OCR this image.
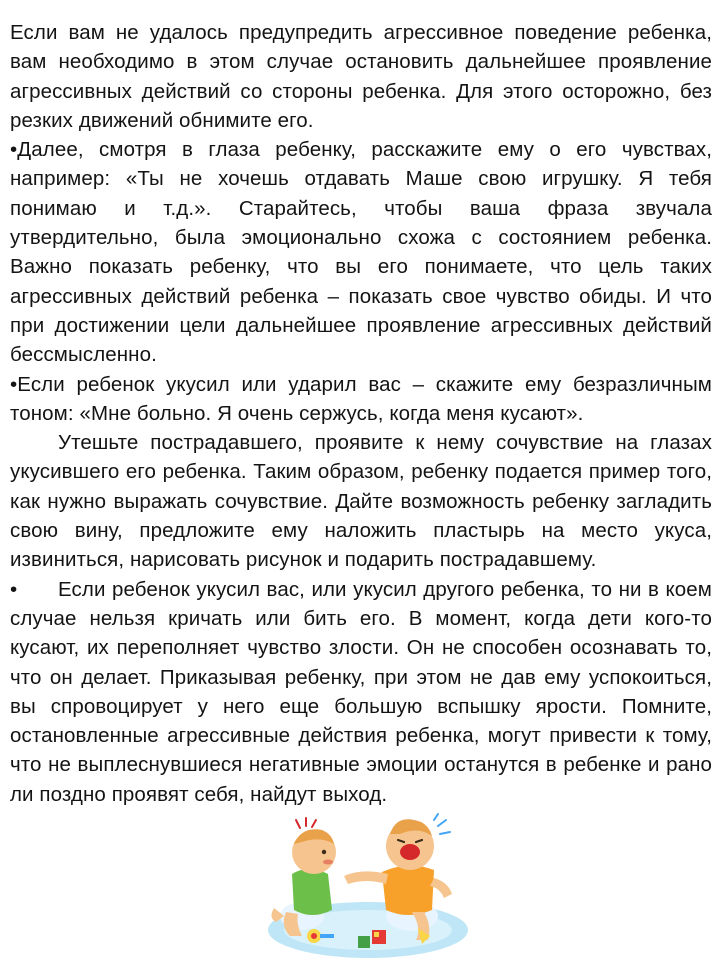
Если вам не удалось предупредить агрессивное поведение ребенка, вам необходимо в этом случае остановить дальнейшее проявление агрессивных действий со стороны ребенка. Для этого осторожно, без резких движений обнимите его.

•Далее, смотря в глаза ребенку, расскажите ему о его чувствах, например: «Ты не хочешь отдавать Маше свою игрушку. Я тебя понимаю и т.д.». Старайтесь, чтобы ваша фраза звучала утвердительно, была эмоционально схожа с состоянием ребенка. Важно показать ребенку, что вы его понимаете, что цель таких агрессивных действий ребенка – показать свое чувство обиды. И что при достижении цели дальнейшее проявление агрессивных действий бессмысленно.

•Если ребенок укусил или ударил вас – скажите ему безразличным тоном: «Мне больно. Я очень сержусь, когда меня кусают».

Утешьте пострадавшего, проявите к нему сочувствие на глазах укусившего его ребенка. Таким образом, ребенку подается пример того, как нужно выражать сочувствие. Дайте возможность ребенку загладить свою вину, предложите ему наложить пластырь на место укуса, извиниться, нарисовать рисунок и подарить пострадавшему.

• Если ребенок укусил вас, или укусил другого ребенка, то ни в коем случае нельзя кричать или бить его. В момент, когда дети кого-то кусают, их переполняет чувство злости. Он не способен осознавать то, что он делает. Приказывая ребенку, при этом не дав ему успокоиться, вы спровоцирует у него еще большую вспышку ярости. Помните, остановленные агрессивные действия ребенка, могут привести к тому, что не выплеснувшиеся негативные эмоции останутся в ребенке и рано ли поздно проявят себя, найдут выход.
